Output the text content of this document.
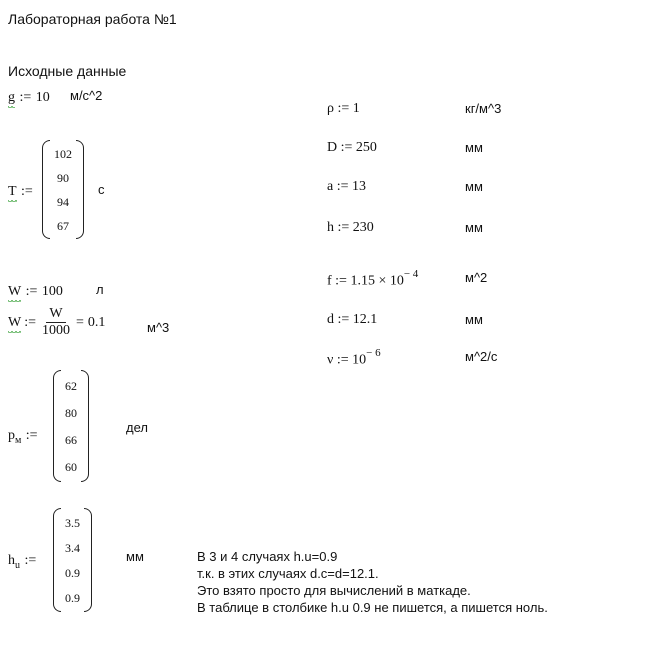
Лабораторная работа №1
Исходные данные
g := 10 м/с^2
T :=
102
90
94
67
с
W := 100	л
W := $\frac{W}{1000} = 0.1$	м^3
$p_м$ :=
62
80
66
60
дел
$h_u$ :=
3.5
3.4
0.9
0.9
мм
ρ := 1	кг/м^3
D := 250	мм
a := 13	мм
h := 230	мм
f := $1.15 \times 10^{- 4}$	м^2
d := 12.1	мм
ν := $10^{- 6}$	м^2/с
В 3 и 4 случаях h.u=0.9
т.к. в этих случаях d.c=d=12.1.
Это взято просто для вычислений в маткаде.
В таблице в столбике h.u 0.9 не пишется, а пишется ноль.
